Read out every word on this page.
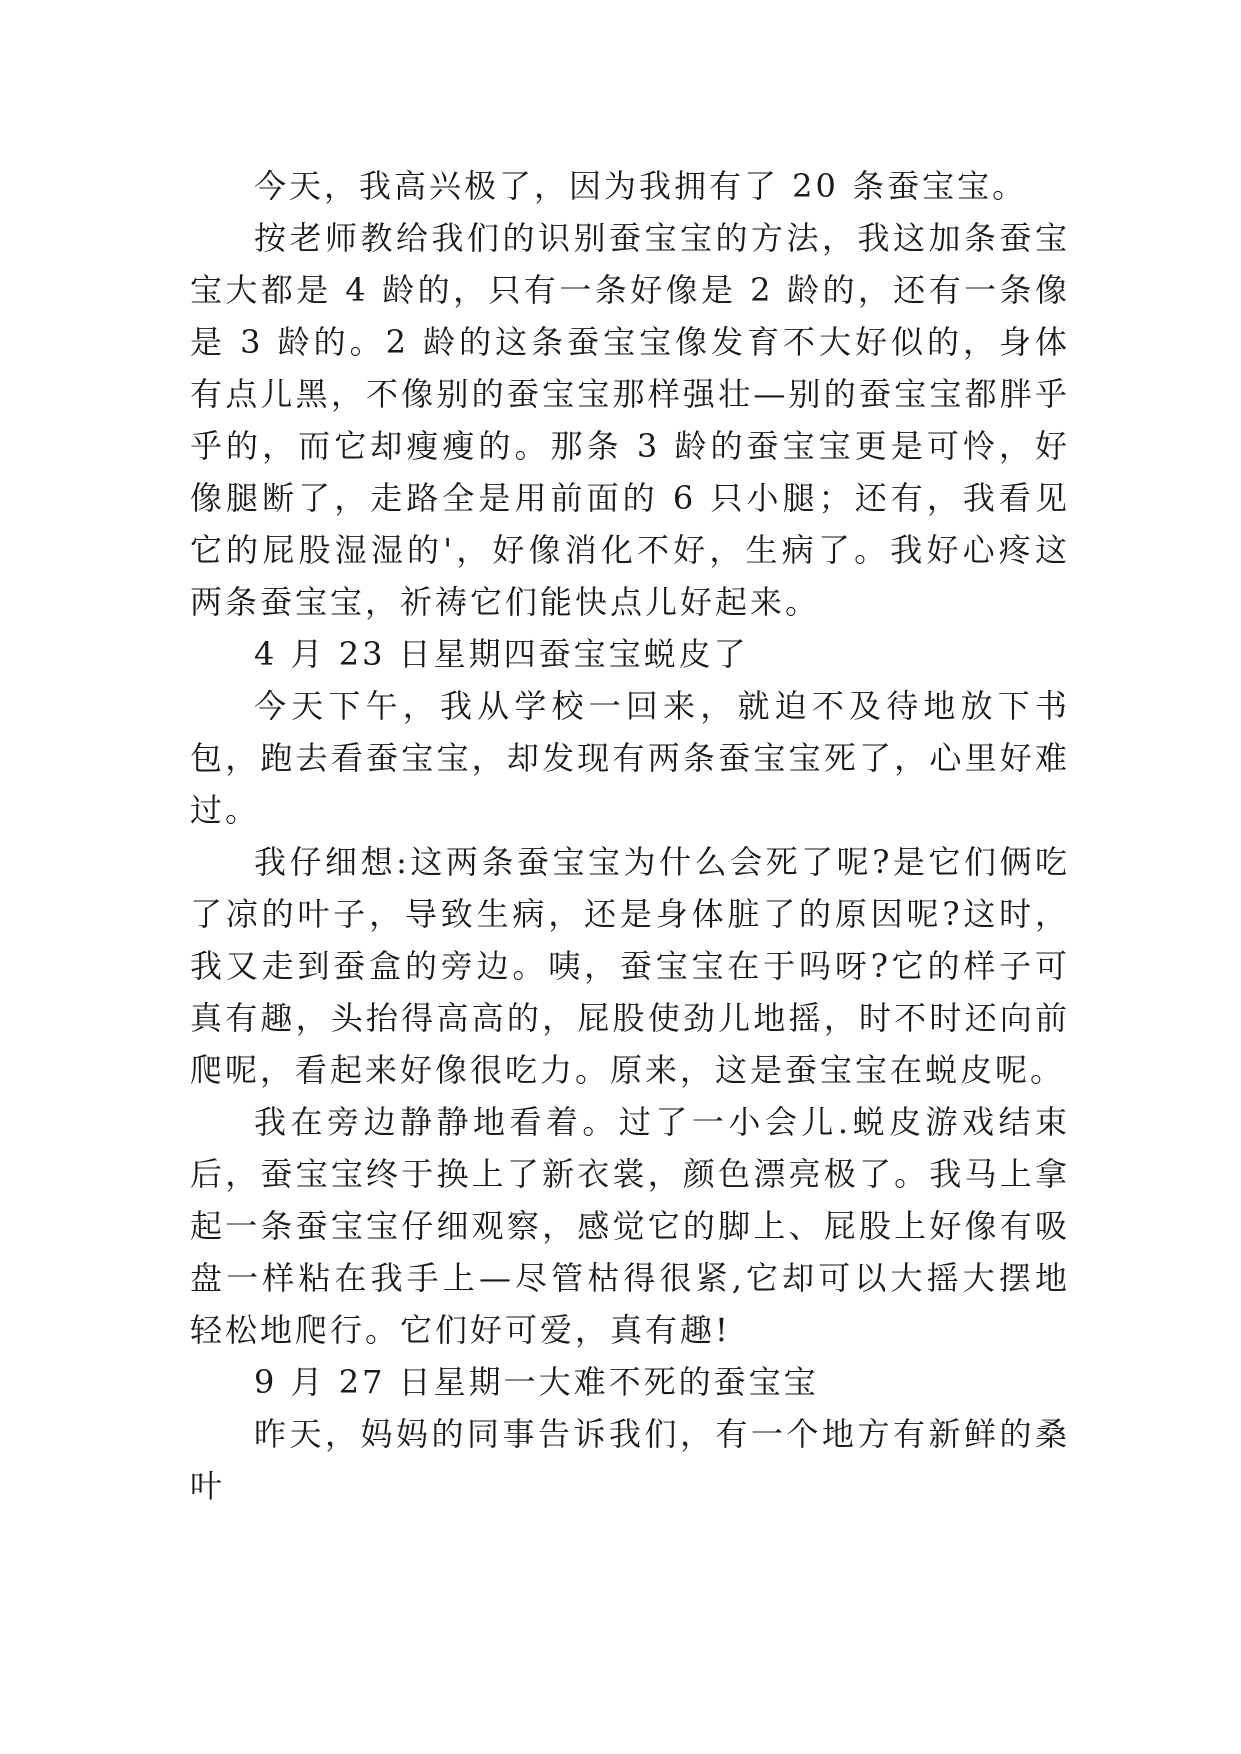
今天，我高兴极了，因为我拥有了 20 条蚕宝宝。

按老师教给我们的识别蚕宝宝的方法，我这加条蚕宝宝大都是 4 龄的，只有一条好像是 2 龄的，还有一条像是 3 龄的。2 龄的这条蚕宝宝像发育不大好似的，身体有点儿黑，不像别的蚕宝宝那样强壮—别的蚕宝宝都胖乎乎的，而它却瘦瘦的。那条 3 龄的蚕宝宝更是可怜，好像腿断了，走路全是用前面的 6 只小腿；还有，我看见它的屁股湿湿的'，好像消化不好，生病了。我好心疼这两条蚕宝宝，祈祷它们能快点儿好起来。

4 月 23 日星期四蚕宝宝蜕皮了

今天下午，我从学校一回来，就迫不及待地放下书包，跑去看蚕宝宝，却发现有两条蚕宝宝死了，心里好难过。

我仔细想:这两条蚕宝宝为什么会死了呢?是它们俩吃了凉的叶子，导致生病，还是身体脏了的原因呢?这时，我又走到蚕盒的旁边。咦，蚕宝宝在于吗呀?它的样子可真有趣，头抬得高高的，屁股使劲儿地摇，时不时还向前爬呢，看起来好像很吃力。原来，这是蚕宝宝在蜕皮呢。

我在旁边静静地看着。过了一小会儿.蜕皮游戏结束后，蚕宝宝终于换上了新衣裳，颜色漂亮极了。我马上拿起一条蚕宝宝仔细观察，感觉它的脚上、屁股上好像有吸盘一样粘在我手上—尽管枯得很紧,它却可以大摇大摆地轻松地爬行。它们好可爱，真有趣!

9 月 27 日星期一大难不死的蚕宝宝

昨天，妈妈的同事告诉我们，有一个地方有新鲜的桑叶
